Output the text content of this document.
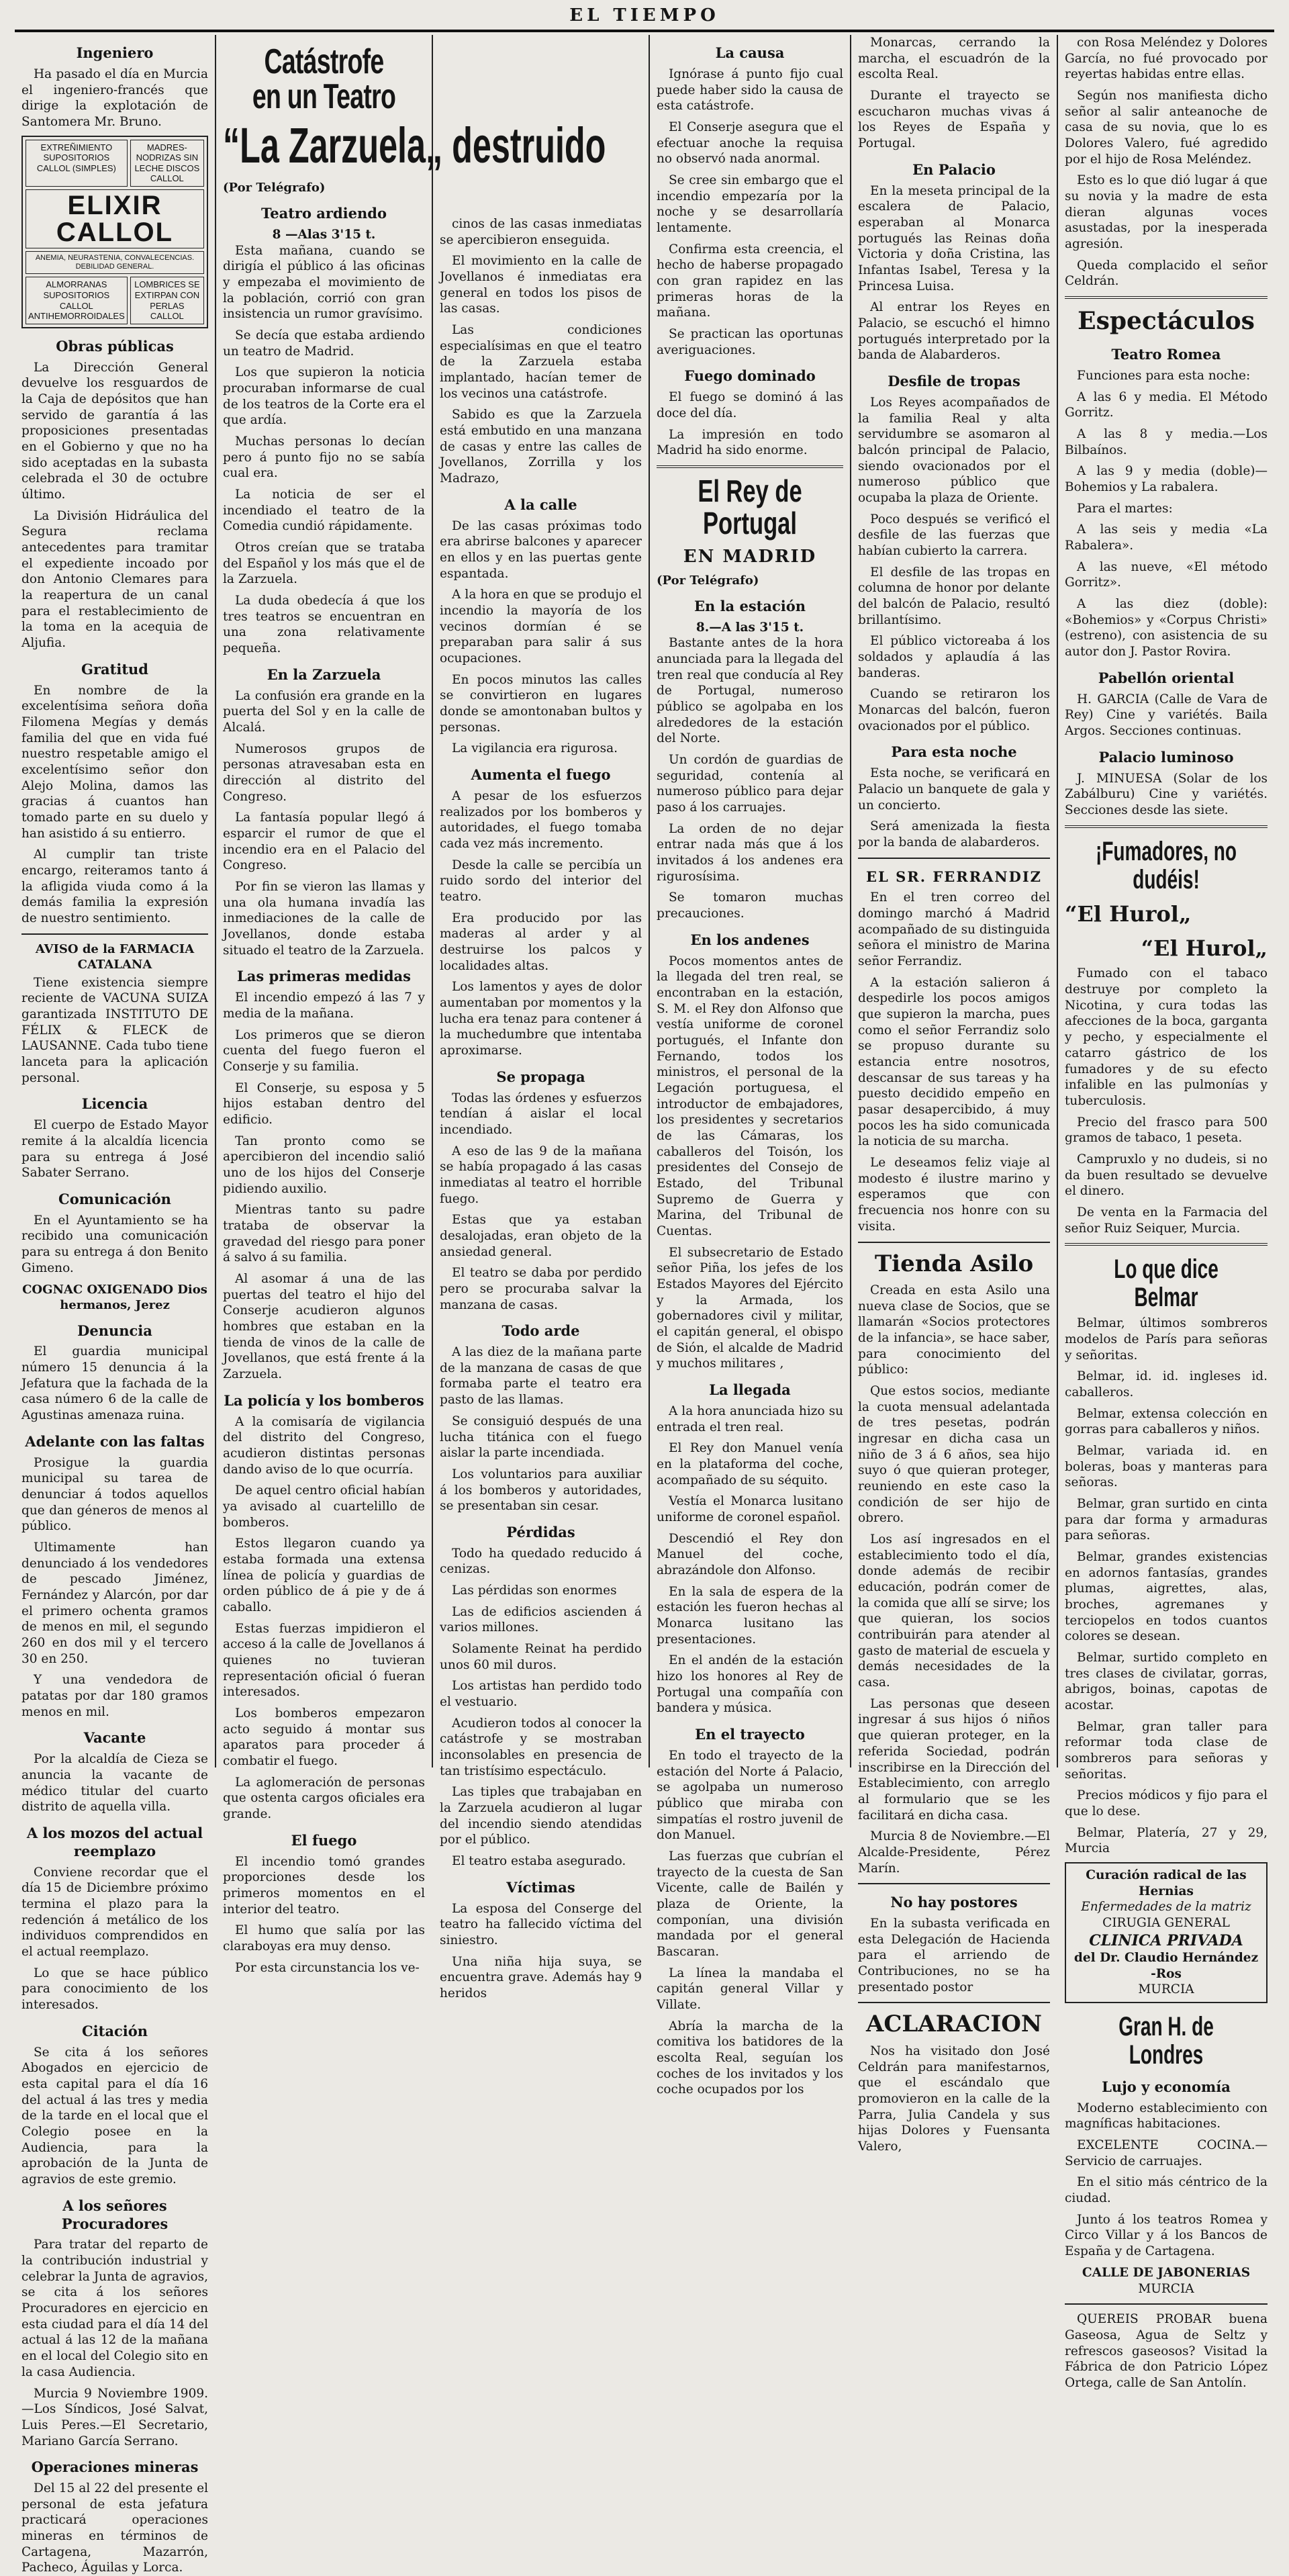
EL TIEMPO
Ingeniero

Ha pasado el día en Murcia el ingeniero-francés que dirige la explotación de Santomera Mr. Bruno.

EXTREÑIMIENTO SUPOSITORIOS CALLOL (SIMPLES)
MADRES-NODRIZAS SIN LECHE DISCOS CALLOL
ELIXIR CALLOL
ANEMIA, NEURASTENIA, CONVALECENCIAS. DEBILIDAD GENERAL.
ALMORRANAS SUPOSITORIOS CALLOL ANTIHEMORROIDALES
LOMBRICES SE EXTIRPAN CON PERLAS CALLOL
Obras públicas

La Dirección General devuelve los resguardos de la Caja de depósitos que han servido de garantía á las proposiciones presentadas en el Gobierno y que no ha sido aceptadas en la subasta celebrada el 30 de octubre último.

La División Hidráulica del Segura reclama antecedentes para tramitar el expediente incoado por don Antonio Clemares para la reapertura de un canal para el restablecimiento de la toma en la acequia de Aljufia.

Gratitud

En nombre de la excelentísima señora doña Filomena Megías y demás familia del que en vida fué nuestro respetable amigo el excelentísimo señor don Alejo Molina, damos las gracias á cuantos han tomado parte en su duelo y han asistido á su entierro.

Al cumplir tan triste encargo, reiteramos tanto á la afligida viuda como á la demás familia la expresión de nuestro sentimiento.

AVISO de la FARMACIA CATALANA

Tiene existencia siempre reciente de VACUNA SUIZA garantizada INSTITUTO DE FÉLIX & FLECK de LAUSANNE. Cada tubo tiene lanceta para la aplicación personal.

Licencia

El cuerpo de Estado Mayor remite á la alcaldía licencia para su entrega á José Sabater Serrano.

Comunicación

En el Ayuntamiento se ha recibido una comunicación para su entrega á don Benito Gimeno.

COGNAC OXIGENADO Dios hermanos, Jerez
Denuncia

El guardia municipal número 15 denuncia á la Jefatura que la fachada de la casa número 6 de la calle de Agustinas amenaza ruina.

Adelante con las faltas

Prosigue la guardia municipal su tarea de denunciar á todos aquellos que dan géneros de menos al público.

Ultimamente han denunciado á los vendedores de pescado Jiménez, Fernández y Alarcón, por dar el primero ochenta gramos de menos en mil, el segundo 260 en dos mil y el tercero 30 en 250.

Y una vendedora de patatas por dar 180 gramos menos en mil.

Vacante

Por la alcaldía de Cieza se anuncia la vacante de médico titular del cuarto distrito de aquella villa.

A los mozos del actual reemplazo

Conviene recordar que el día 15 de Diciembre próximo termina el plazo para la redención á metálico de los individuos comprendidos en el actual reemplazo.

Lo que se hace público para conocimiento de los interesados.

Citación

Se cita á los señores Abogados en ejercicio de esta capital para el día 16 del actual á las tres y media de la tarde en el local que el Colegio posee en la Audiencia, para la aprobación de la Junta de agravios de este gremio.

A los señores Procuradores

Para tratar del reparto de la contribución industrial y celebrar la Junta de agravios, se cita á los señores Procuradores en ejercicio en esta ciudad para el día 14 del actual á las 12 de la mañana en el local del Colegio sito en la casa Audiencia.

Murcia 9 Noviembre 1909.—Los Síndicos, José Salvat, Luis Peres.—El Secretario, Mariano García Serrano.

Operaciones mineras

Del 15 al 22 del presente el personal de esta jefatura practicará operaciones mineras en términos de Cartagena, Mazarrón, Pacheco, Águilas y Lorca.

Catástrofe en un Teatro
“La Zarzuela„ destruido
(Por Telégrafo)
Teatro ardiendo
8 —Alas 3'15 t.

Esta mañana, cuando se dirigía el público á las oficinas y empezaba el movimiento de la población, corrió con gran insistencia un rumor gravísimo.

Se decía que estaba ardiendo un teatro de Madrid.

Los que supieron la noticia procuraban informarse de cual de los teatros de la Corte era el que ardía.

Muchas personas lo decían pero á punto fijo no se sabía cual era.

La noticia de ser el incendiado el teatro de la Comedia cundió rápidamente.

Otros creían que se trataba del Español y los más que el de la Zarzuela.

La duda obedecía á que los tres teatros se encuentran en una zona relativamente pequeña.

En la Zarzuela

La confusión era grande en la puerta del Sol y en la calle de Alcalá.

Numerosos grupos de personas atravesaban esta en dirección al distrito del Congreso.

La fantasía popular llegó á esparcir el rumor de que el incendio era en el Palacio del Congreso.

Por fin se vieron las llamas y una ola humana invadía las inmediaciones de la calle de Jovellanos, donde estaba situado el teatro de la Zarzuela.

Las primeras medidas

El incendio empezó á las 7 y media de la mañana.

Los primeros que se dieron cuenta del fuego fueron el Conserje y su familia.

El Conserje, su esposa y 5 hijos estaban dentro del edificio.

Tan pronto como se apercibieron del incendio salió uno de los hijos del Conserje pidiendo auxilio.

Mientras tanto su padre trataba de observar la gravedad del riesgo para poner á salvo á su familia.

Al asomar á una de las puertas del teatro el hijo del Conserje acudieron algunos hombres que estaban en la tienda de vinos de la calle de Jovellanos, que está frente á la Zarzuela.

La policía y los bomberos

A la comisaría de vigilancia del distrito del Congreso, acudieron distintas personas dando aviso de lo que ocurría.

De aquel centro oficial habían ya avisado al cuartelillo de bomberos.

Estos llegaron cuando ya estaba formada una extensa línea de policía y guardias de orden público de á pie y de á caballo.

Estas fuerzas impidieron el acceso á la calle de Jovellanos á quienes no tuvieran representación oficial ó fueran interesados.

Los bomberos empezaron acto seguido á montar sus aparatos para proceder á combatir el fuego.

La aglomeración de personas que ostenta cargos oficiales era grande.

El fuego

El incendio tomó grandes proporciones desde los primeros momentos en el interior del teatro.

El humo que salía por las claraboyas era muy denso.

Por esta circunstancia los ve-

cinos de las casas inmediatas se apercibieron enseguida.

El movimiento en la calle de Jovellanos é inmediatas era general en todos los pisos de las casas.

Las condiciones especialísimas en que el teatro de la Zarzuela estaba implantado, hacían temer de los vecinos una catástrofe.

Sabido es que la Zarzuela está embutido en una manzana de casas y entre las calles de Jovellanos, Zorrilla y los Madrazo,

A la calle

De las casas próximas todo era abrirse balcones y aparecer en ellos y en las puertas gente espantada.

A la hora en que se produjo el incendio la mayoría de los vecinos dormían é se preparaban para salir á sus ocupaciones.

En pocos minutos las calles se convirtieron en lugares donde se amontonaban bultos y personas.

La vigilancia era rigurosa.

Aumenta el fuego

A pesar de los esfuerzos realizados por los bomberos y autoridades, el fuego tomaba cada vez más incremento.

Desde la calle se percibía un ruido sordo del interior del teatro.

Era producido por las maderas al arder y al destruirse los palcos y localidades altas.

Los lamentos y ayes de dolor aumentaban por momentos y la lucha era tenaz para contener á la muchedumbre que intentaba aproximarse.

Se propaga

Todas las órdenes y esfuerzos tendían á aislar el local incendiado.

A eso de las 9 de la mañana se había propagado á las casas inmediatas al teatro el horrible fuego.

Estas que ya estaban desalojadas, eran objeto de la ansiedad general.

El teatro se daba por perdido pero se procuraba salvar la manzana de casas.

Todo arde

A las diez de la mañana parte de la manzana de casas de que formaba parte el teatro era pasto de las llamas.

Se consiguió después de una lucha titánica con el fuego aislar la parte incendiada.

Los voluntarios para auxiliar á los bomberos y autoridades, se presentaban sin cesar.

Pérdidas

Todo ha quedado reducido á cenizas.

Las pérdidas son enormes

Las de edificios ascienden á varios millones.

Solamente Reinat ha perdido unos 60 mil duros.

Los artistas han perdido todo el vestuario.

Acudieron todos al conocer la catástrofe y se mostraban inconsolables en presencia de tan tristísimo espectáculo.

Las tiples que trabajaban en la Zarzuela acudieron al lugar del incendio siendo atendidas por el público.

El teatro estaba asegurado.

Víctimas

La esposa del Conserge del teatro ha fallecido víctima del siniestro.

Una niña hija suya, se encuentra grave. Además hay 9 heridos

La causa

Ignórase á punto fijo cual puede haber sido la causa de esta catástrofe.

El Conserje asegura que el efectuar anoche la requisa no observó nada anormal.

Se cree sin embargo que el incendio empezaría por la noche y se desarrollaría lentamente.

Confirma esta creencia, el hecho de haberse propagado con gran rapidez en las primeras horas de la mañana.

Se practican las oportunas averiguaciones.

Fuego dominado

El fuego se dominó á las doce del día.

La impresión en todo Madrid ha sido enorme.

El Rey de Portugal
EN MADRID
(Por Telégrafo)
En la estación
8.—A las 3'15 t.

Bastante antes de la hora anunciada para la llegada del tren real que conducía al Rey de Portugal, numeroso público se agolpaba en los alrededores de la estación del Norte.

Un cordón de guardias de seguridad, contenía al numeroso público para dejar paso á los carruajes.

La orden de no dejar entrar nada más que á los invitados á los andenes era rigurosísima.

Se tomaron muchas precauciones.

En los andenes

Pocos momentos antes de la llegada del tren real, se encontraban en la estación, S. M. el Rey don Alfonso que vestía uniforme de coronel portugués, el Infante don Fernando, todos los ministros, el personal de la Legación portuguesa, el introductor de embajadores, los presidentes y secretarios de las Cámaras, los caballeros del Toisón, los presidentes del Consejo de Estado, del Tribunal Supremo de Guerra y Marina, del Tribunal de Cuentas.

El subsecretario de Estado señor Piña, los jefes de los Estados Mayores del Ejército y la Armada, los gobernadores civil y militar, el capitán general, el obispo de Sión, el alcalde de Madrid y muchos militares ,

La llegada

A la hora anunciada hizo su entrada el tren real.

El Rey don Manuel venía en la plataforma del coche, acompañado de su séquito.

Vestía el Monarca lusitano uniforme de coronel español.

Descendió el Rey don Manuel del coche, abrazándole don Alfonso.

En la sala de espera de la estación les fueron hechas al Monarca lusitano las presentaciones.

En el andén de la estación hizo los honores al Rey de Portugal una compañía con bandera y música.

En el trayecto

En todo el trayecto de la estación del Norte á Palacio, se agolpaba un numeroso público que miraba con simpatías el rostro juvenil de don Manuel.

Las fuerzas que cubrían el trayecto de la cuesta de San Vicente, calle de Bailén y plaza de Oriente, la componían, una división mandada por el general Bascaran.

La línea la mandaba el capitán general Villar y Villate.

Abría la marcha de la comitiva los batidores de la escolta Real, seguían los coches de los invitados y los coche ocupados por los

Monarcas, cerrando la marcha, el escuadrón de la escolta Real.

Durante el trayecto se escucharon muchas vivas á los Reyes de España y Portugal.

En Palacio

En la meseta principal de la escalera de Palacio, esperaban al Monarca portugués las Reinas doña Victoria y doña Cristina, las Infantas Isabel, Teresa y la Princesa Luisa.

Al entrar los Reyes en Palacio, se escuchó el himno portugués interpretado por la banda de Alabarderos.

Desfile de tropas

Los Reyes acompañados de la familia Real y alta servidumbre se asomaron al balcón principal de Palacio, siendo ovacionados por el numeroso público que ocupaba la plaza de Oriente.

Poco después se verificó el desfile de las fuerzas que habían cubierto la carrera.

El desfile de las tropas en columna de honor por delante del balcón de Palacio, resultó brillantísimo.

El público victoreaba á los soldados y aplaudía á las banderas.

Cuando se retiraron los Monarcas del balcón, fueron ovacionados por el público.

Para esta noche

Esta noche, se verificará en Palacio un banquete de gala y un concierto.

Será amenizada la fiesta por la banda de alabarderos.

EL SR. FERRANDIZ

En el tren correo del domingo marchó á Madrid acompañado de su distinguida señora el ministro de Marina señor Ferrandiz.

A la estación salieron á despedirle los pocos amigos que supieron la marcha, pues como el señor Ferrandiz solo se propuso durante su estancia entre nosotros, descansar de sus tareas y ha puesto decidido empeño en pasar desapercibido, á muy pocos les ha sido comunicada la noticia de su marcha.

Le deseamos feliz viaje al modesto é ilustre marino y esperamos que con frecuencia nos honre con su visita.

Tienda Asilo

Creada en esta Asilo una nueva clase de Socios, que se llamarán «Socios protectores de la infancia», se hace saber, para conocimiento del público:

Que estos socios, mediante la cuota mensual adelantada de tres pesetas, podrán ingresar en dicha casa un niño de 3 á 6 años, sea hijo suyo ó que quieran proteger, reuniendo en este caso la condición de ser hijo de obrero.

Los así ingresados en el establecimiento todo el día, donde además de recibir educación, podrán comer de la comida que allí se sirve; los que quieran, los socios contribuirán para atender al gasto de material de escuela y demás necesidades de la casa.

Las personas que deseen ingresar á sus hijos ó niños que quieran proteger, en la referida Sociedad, podrán inscribirse en la Dirección del Establecimiento, con arreglo al formulario que se les facilitará en dicha casa.

Murcia 8 de Noviembre.—El Alcalde-Presidente, Pérez Marín.

No hay postores

En la subasta verificada en esta Delegación de Hacienda para el arriendo de Contribuciones, no se ha presentado postor

ACLARACION

Nos ha visitado don José Celdrán para manifestarnos, que el escándalo que promovieron en la calle de la Parra, Julia Candela y sus hijas Dolores y Fuensanta Valero,

con Rosa Meléndez y Dolores García, no fué provocado por reyertas habidas entre ellas.

Según nos manifiesta dicho señor al salir anteanoche de casa de su novia, que lo es Dolores Valero, fué agredido por el hijo de Rosa Meléndez.

Esto es lo que dió lugar á que su novia y la madre de esta dieran algunas voces asustadas, por la inesperada agresión.

Queda complacido el señor Celdrán.

Espectáculos
Teatro Romea

Funciones para esta noche:

A las 6 y media. El Método Gorritz.

A las 8 y media.—Los Bilbaínos.

A las 9 y media (doble)—Bohemios y La rabalera.

Para el martes:

A las seis y media «La Rabalera».

A las nueve, «El método Gorritz».

A las diez (doble): «Bohemios» y «Corpus Christi» (estreno), con asistencia de su autor don J. Pastor Rovira.

Pabellón oriental

H. GARCIA (Calle de Vara de Rey) Cine y variétés. Baila Argos. Secciones continuas.

Palacio luminoso

J. MINUESA (Solar de los Zabálburu) Cine y variétés. Secciones desde las siete.

¡Fumadores, no dudéis!
“El Hurol„
“El Hurol„

Fumado con el tabaco destruye por completo la Nicotina, y cura todas las afecciones de la boca, garganta y pecho, y especialmente el catarro gástrico de los fumadores y de su efecto infalible en las pulmonías y tuberculosis.

Precio del frasco para 500 gramos de tabaco, 1 peseta.

Campruxlo y no dudeis, si no da buen resultado se devuelve el dinero.

De venta en la Farmacia del señor Ruiz Seiquer, Murcia.

Lo que dice Belmar

Belmar, últimos sombreros modelos de París para señoras y señoritas.

Belmar, id. id. ingleses id. caballeros.

Belmar, extensa colección en gorras para caballeros y niños.

Belmar, variada id. en boleras, boas y manteras para señoras.

Belmar, gran surtido en cinta para dar forma y armaduras para señoras.

Belmar, grandes existencias en adornos fantasías, grandes plumas, aigrettes, alas, broches, agremanes y terciopelos en todos cuantos colores se desean.

Belmar, surtido completo en tres clases de civilatar, gorras, abrigos, boinas, capotas de acostar.

Belmar, gran taller para reformar toda clase de sombreros para señoras y señoritas.

Precios módicos y fijo para el que lo dese.

Belmar, Platería, 27 y 29, Murcia

Curación radical de las Hernias
Enfermedades de la matriz
CIRUGIA GENERAL
CLINICA PRIVADA
del Dr. Claudio Hernández -Ros
MURCIA
Gran H. de Londres
Lujo y economía

Moderno establecimiento con magníficas habitaciones.

EXCELENTE COCINA.—Servicio de carruajes.

En el sitio más céntrico de la ciudad.

Junto á los teatros Romea y Circo Villar y á los Bancos de España y de Cartagena.

CALLE DE JABONERIAS
MURCIA

QUEREIS PROBAR buena Gaseosa, Agua de Seltz y refrescos gaseosos? Visitad la Fábrica de don Patricio López Ortega, calle de San Antolín.
